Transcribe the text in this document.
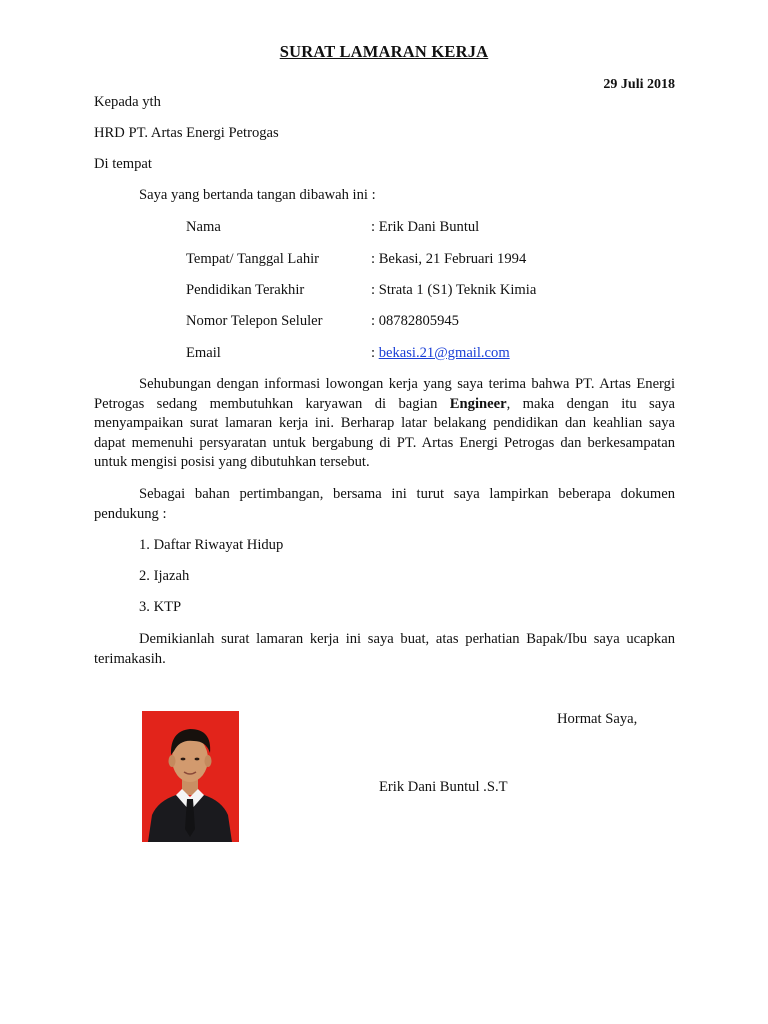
SURAT LAMARAN KERJA
29 Juli 2018
Kepada yth
HRD PT. Artas Energi Petrogas
Di tempat
Saya yang bertanda tangan dibawah ini :
Nama	: Erik Dani Buntul
Tempat/ Tanggal Lahir	: Bekasi, 21 Februari 1994
Pendidikan Terakhir	: Strata 1 (S1) Teknik Kimia
Nomor Telepon Seluler	: 08782805945
Email	: bekasi.21@gmail.com
Sehubungan dengan informasi lowongan kerja yang saya terima bahwa PT. Artas Energi Petrogas sedang membutuhkan karyawan di bagian Engineer, maka dengan itu saya menyampaikan surat lamaran kerja ini. Berharap latar belakang pendidikan dan keahlian saya dapat memenuhi persyaratan untuk bergabung di PT. Artas Energi Petrogas dan berkesampatan untuk mengisi posisi yang dibutuhkan tersebut.
Sebagai bahan pertimbangan, bersama ini turut saya lampirkan beberapa dokumen pendukung :
1. Daftar Riwayat Hidup
2. Ijazah
3. KTP
Demikianlah surat lamaran kerja ini saya buat, atas perhatian Bapak/Ibu saya ucapkan terimakasih.
Hormat Saya,
Erik Dani Buntul .S.T
